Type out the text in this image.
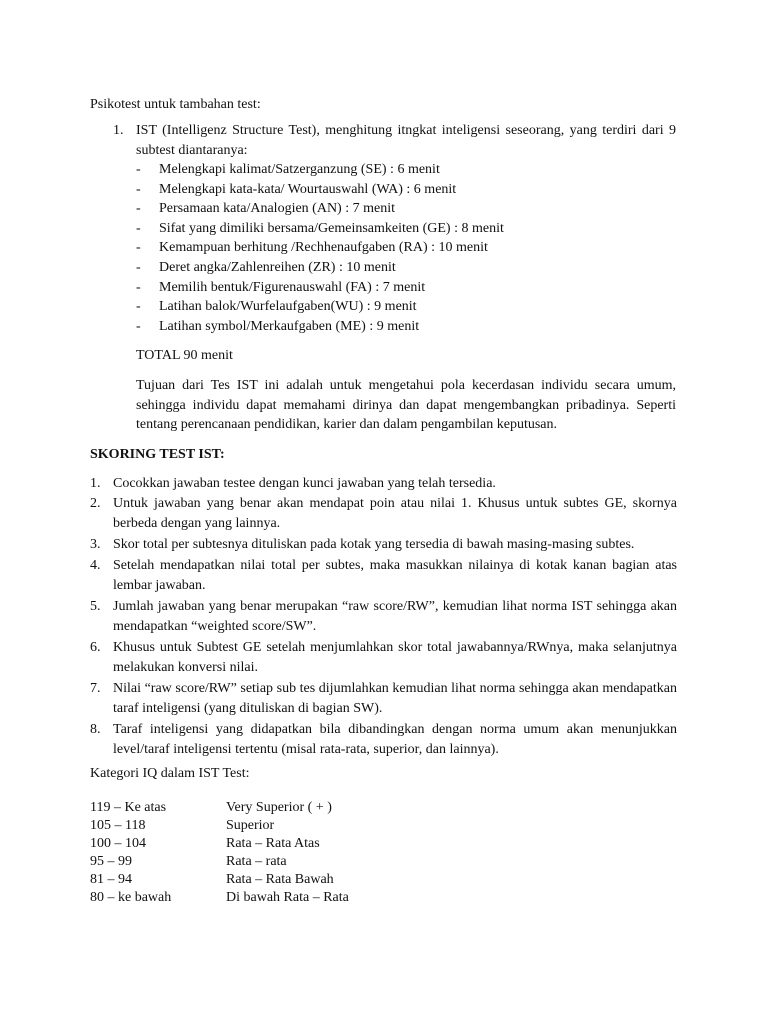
Psikotest untuk tambahan test:
1. IST (Intelligenz Structure Test), menghitung itngkat inteligensi seseorang, yang terdiri dari 9 subtest diantaranya:
- Melengkapi kalimat/Satzerganzung (SE) : 6 menit
- Melengkapi kata-kata/ Wourtauswahl (WA) : 6 menit
- Persamaan kata/Analogien (AN) : 7 menit
- Sifat yang dimiliki bersama/Gemeinsamkeiten (GE) : 8 menit
- Kemampuan berhitung /Rechhenaufgaben (RA) : 10 menit
- Deret angka/Zahlenreihen (ZR) : 10 menit
- Memilih bentuk/Figurenauswahl (FA) : 7 menit
- Latihan balok/Wurfelaufgaben(WU) : 9 menit
- Latihan symbol/Merkaufgaben (ME) : 9 menit
TOTAL 90 menit
Tujuan dari Tes IST ini adalah untuk mengetahui pola kecerdasan individu secara umum, sehingga individu dapat memahami dirinya dan dapat mengembangkan pribadinya. Seperti tentang perencanaan pendidikan, karier dan dalam pengambilan keputusan.
SKORING TEST IST:
1. Cocokkan jawaban testee dengan kunci jawaban yang telah tersedia.
2. Untuk jawaban yang benar akan mendapat poin atau nilai 1. Khusus untuk subtes GE, skornya berbeda dengan yang lainnya.
3. Skor total per subtesnya dituliskan pada kotak yang tersedia di bawah masing-masing subtes.
4. Setelah mendapatkan nilai total per subtes, maka masukkan nilainya di kotak kanan bagian atas lembar jawaban.
5. Jumlah jawaban yang benar merupakan “raw score/RW”, kemudian lihat norma IST sehingga akan mendapatkan “weighted score/SW”.
6. Khusus untuk Subtest GE setelah menjumlahkan skor total jawabannya/RWnya, maka selanjutnya melakukan konversi nilai.
7. Nilai “raw score/RW” setiap sub tes dijumlahkan kemudian lihat norma sehingga akan mendapatkan taraf inteligensi (yang dituliskan di bagian SW).
8. Taraf inteligensi yang didapatkan bila dibandingkan dengan norma umum akan menunjukkan level/taraf inteligensi tertentu (misal rata-rata, superior, dan lainnya).
Kategori IQ dalam IST Test:
119 – Ke atas	Very Superior ( + )
105 – 118	Superior
100 – 104	Rata – Rata Atas
95 – 99	Rata – rata
81 – 94	Rata – Rata Bawah
80 – ke bawah	Di bawah Rata – Rata
